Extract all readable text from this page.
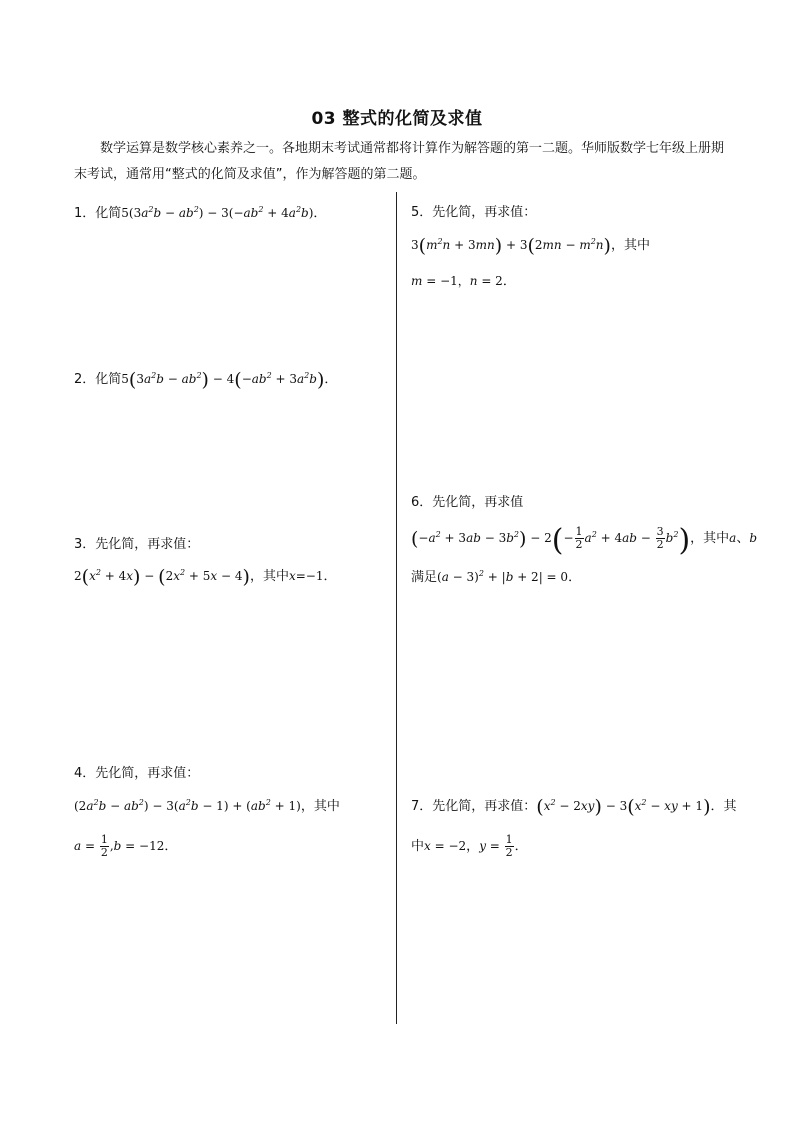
03 整式的化简及求值
数学运算是数学核心素养之一。各地期末考试通常都将计算作为解答题的第一二题。华师版数学七年级上册期末考试，通常用“整式的化简及求值”，作为解答题的第二题。
1．化简$5(3a^2b - ab^2) - 3(-ab^2 + 4a^2b)$．
2．化简$5(3a^2b - ab^2) - 4(-ab^2 + 3a^2b)$．
3．先化简，再求值：
$2(x^2 + 4x) - (2x^2 + 5x - 4)$，其中x=−1．
4．先化简，再求值：
$(2a^2b - ab^2) - 3(a^2b - 1) + (ab^2 + 1)$，其中
$a = \frac{1}{2} ,b = -12$．
5．先化简，再求值：
$3(m^2n + 3mn) + 3(2mn - m^2n)$，其中
m = −1，n = 2．
6．先化简，再求值
$(-a^2 + 3ab - 3b^2) - 2(- \frac{1}{2} a^2 + 4ab - \frac{3}{2} b^2)$，其中a、b
满足$(a - 3)^2 + |b + 2| = 0$．
7．先化简，再求值：$(x^2 - 2xy) - 3(x^2$ − xy + 1)．其
中x = −2，$y = \frac{1}{2}$ ．
